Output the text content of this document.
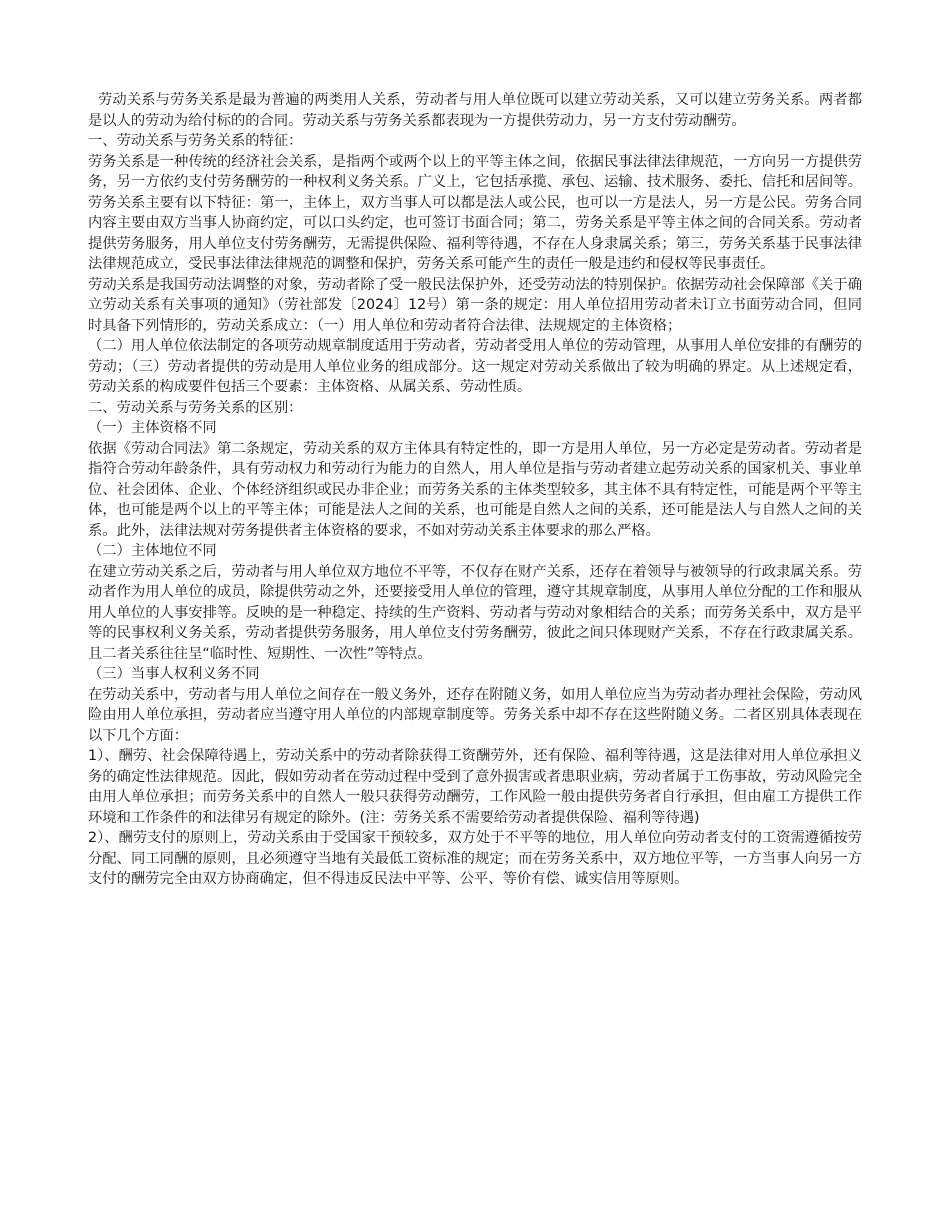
劳动关系与劳务关系是最为普遍的两类用人关系，劳动者与用人单位既可以建立劳动关系，又可以建立劳务关系。两者都是以人的劳动为给付标的的合同。劳动关系与劳务关系都表现为一方提供劳动力，另一方支付劳动酬劳。

一、劳动关系与劳务关系的特征：

劳务关系是一种传统的经济社会关系，是指两个或两个以上的平等主体之间，依据民事法律法律规范，一方向另一方提供劳务，另一方依约支付劳务酬劳的一种权利义务关系。广义上，它包括承揽、承包、运输、技术服务、委托、信托和居间等。劳务关系主要有以下特征：第一，主体上，双方当事人可以都是法人或公民，也可以一方是法人，另一方是公民。劳务合同内容主要由双方当事人协商约定，可以口头约定，也可签订书面合同；第二，劳务关系是平等主体之间的合同关系。劳动者提供劳务服务，用人单位支付劳务酬劳，无需提供保险、福利等待遇，不存在人身隶属关系；第三，劳务关系基于民事法律法律规范成立，受民事法律法律规范的调整和保护，劳务关系可能产生的责任一般是违约和侵权等民事责任。

劳动关系是我国劳动法调整的对象，劳动者除了受一般民法保护外，还受劳动法的特别保护。依据劳动社会保障部《关于确立劳动关系有关事项的通知》（劳社部发〔2024〕12号）第一条的规定：用人单位招用劳动者未订立书面劳动合同，但同时具备下列情形的，劳动关系成立：（一）用人单位和劳动者符合法律、法规规定的主体资格；

（二）用人单位依法制定的各项劳动规章制度适用于劳动者，劳动者受用人单位的劳动管理，从事用人单位安排的有酬劳的劳动；（三）劳动者提供的劳动是用人单位业务的组成部分。这一规定对劳动关系做出了较为明确的界定。从上述规定看，劳动关系的构成要件包括三个要素：主体资格、从属关系、劳动性质。

二、劳动关系与劳务关系的区别：

（一）主体资格不同

依据《劳动合同法》第二条规定，劳动关系的双方主体具有特定性的，即一方是用人单位，另一方必定是劳动者。劳动者是指符合劳动年龄条件，具有劳动权力和劳动行为能力的自然人，用人单位是指与劳动者建立起劳动关系的国家机关、事业单位、社会团体、企业、个体经济组织或民办非企业；而劳务关系的主体类型较多，其主体不具有特定性，可能是两个平等主体，也可能是两个以上的平等主体；可能是法人之间的关系，也可能是自然人之间的关系，还可能是法人与自然人之间的关系。此外，法律法规对劳务提供者主体资格的要求，不如对劳动关系主体要求的那么严格。

（二）主体地位不同

在建立劳动关系之后，劳动者与用人单位双方地位不平等，不仅存在财产关系，还存在着领导与被领导的行政隶属关系。劳动者作为用人单位的成员，除提供劳动之外，还要接受用人单位的管理，遵守其规章制度，从事用人单位分配的工作和服从用人单位的人事安排等。反映的是一种稳定、持续的生产资料、劳动者与劳动对象相结合的关系；而劳务关系中，双方是平等的民事权利义务关系，劳动者提供劳务服务，用人单位支付劳务酬劳，彼此之间只体现财产关系，不存在行政隶属关系。且二者关系往往呈“临时性、短期性、一次性”等特点。

（三）当事人权利义务不同

在劳动关系中，劳动者与用人单位之间存在一般义务外，还存在附随义务，如用人单位应当为劳动者办理社会保险，劳动风险由用人单位承担，劳动者应当遵守用人单位的内部规章制度等。劳务关系中却不存在这些附随义务。二者区别具体表现在以下几个方面：

1）、酬劳、社会保障待遇上，劳动关系中的劳动者除获得工资酬劳外，还有保险、福利等待遇，这是法律对用人单位承担义务的确定性法律规范。因此，假如劳动者在劳动过程中受到了意外损害或者患职业病，劳动者属于工伤事故，劳动风险完全由用人单位承担；而劳务关系中的自然人一般只获得劳动酬劳，工作风险一般由提供劳务者自行承担，但由雇工方提供工作环境和工作条件的和法律另有规定的除外。(注：劳务关系不需要给劳动者提供保险、福利等待遇)

2）、酬劳支付的原则上，劳动关系由于受国家干预较多，双方处于不平等的地位，用人单位向劳动者支付的工资需遵循按劳分配、同工同酬的原则，且必须遵守当地有关最低工资标准的规定；而在劳务关系中，双方地位平等，一方当事人向另一方支付的酬劳完全由双方协商确定，但不得违反民法中平等、公平、等价有偿、诚实信用等原则。
